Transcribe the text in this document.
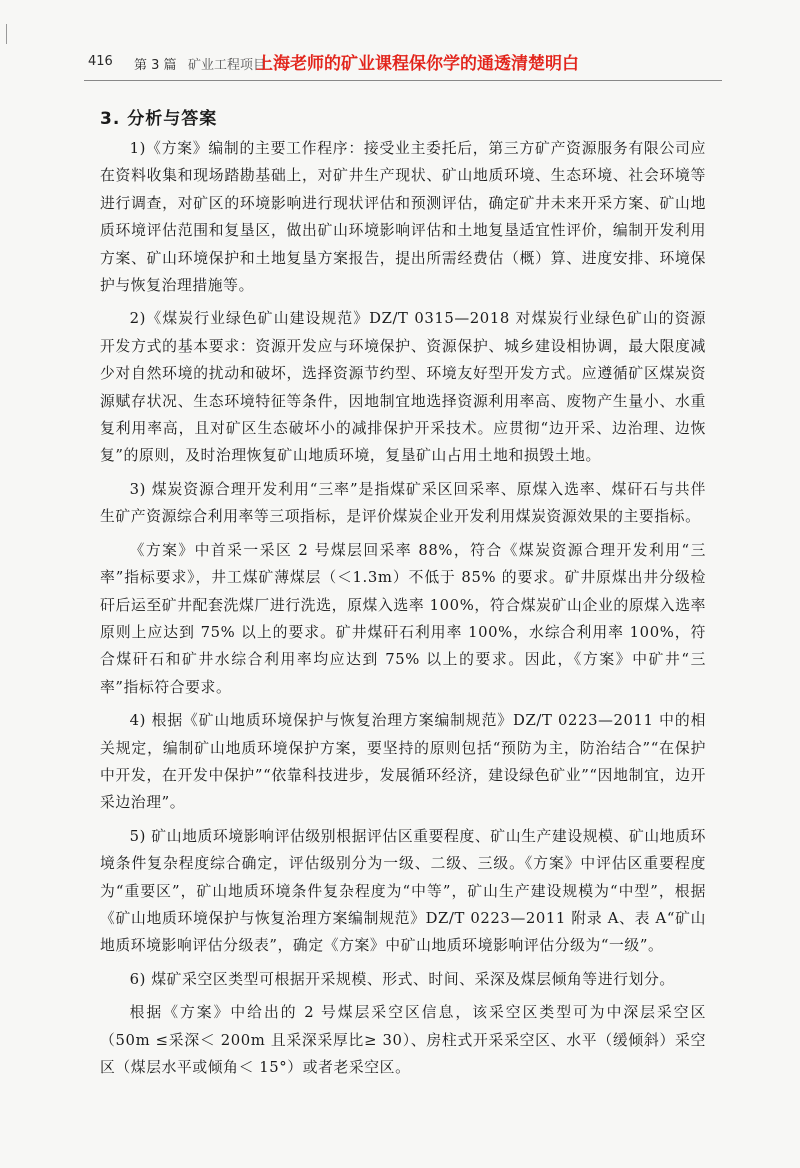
416 第 3 篇 矿业工程项目
上海老师的矿业课程保你学的通透清楚明白
3. 分析与答案

1)《方案》编制的主要工作程序：接受业主委托后，第三方矿产资源服务有限公司应在资料收集和现场踏勘基础上，对矿井生产现状、矿山地质环境、生态环境、社会环境等进行调查，对矿区的环境影响进行现状评估和预测评估，确定矿井未来开采方案、矿山地质环境评估范围和复垦区，做出矿山环境影响评估和土地复垦适宜性评价，编制开发利用方案、矿山环境保护和土地复垦方案报告，提出所需经费估（概）算、进度安排、环境保护与恢复治理措施等。

2)《煤炭行业绿色矿山建设规范》DZ/T 0315—2018 对煤炭行业绿色矿山的资源开发方式的基本要求：资源开发应与环境保护、资源保护、城乡建设相协调，最大限度减少对自然环境的扰动和破坏，选择资源节约型、环境友好型开发方式。应遵循矿区煤炭资源赋存状况、生态环境特征等条件，因地制宜地选择资源利用率高、废物产生量小、水重复利用率高，且对矿区生态破坏小的减排保护开采技术。应贯彻“边开采、边治理、边恢复”的原则，及时治理恢复矿山地质环境，复垦矿山占用土地和损毁土地。

3) 煤炭资源合理开发利用“三率”是指煤矿采区回采率、原煤入选率、煤矸石与共伴生矿产资源综合利用率等三项指标，是评价煤炭企业开发利用煤炭资源效果的主要指标。

《方案》中首采一采区 2 号煤层回采率 88%，符合《煤炭资源合理开发利用“三率”指标要求》，井工煤矿薄煤层（＜1.3m）不低于 85% 的要求。矿井原煤出井分级检矸后运至矿井配套洗煤厂进行洗选，原煤入选率 100%，符合煤炭矿山企业的原煤入选率原则上应达到 75% 以上的要求。矿井煤矸石利用率 100%，水综合利用率 100%，符合煤矸石和矿井水综合利用率均应达到 75% 以上的要求。因此，《方案》中矿井“三率”指标符合要求。

4) 根据《矿山地质环境保护与恢复治理方案编制规范》DZ/T 0223—2011 中的相关规定，编制矿山地质环境保护方案，要坚持的原则包括“预防为主，防治结合”“在保护中开发，在开发中保护”“依靠科技进步，发展循环经济，建设绿色矿业”“因地制宜，边开采边治理”。

5) 矿山地质环境影响评估级别根据评估区重要程度、矿山生产建设规模、矿山地质环境条件复杂程度综合确定，评估级别分为一级、二级、三级。《方案》中评估区重要程度为“重要区”，矿山地质环境条件复杂程度为“中等”，矿山生产建设规模为“中型”，根据《矿山地质环境保护与恢复治理方案编制规范》DZ/T 0223—2011 附录 A、表 A“矿山地质环境影响评估分级表”，确定《方案》中矿山地质环境影响评估分级为“一级”。

6) 煤矿采空区类型可根据开采规模、形式、时间、采深及煤层倾角等进行划分。

根据《方案》中给出的 2 号煤层采空区信息，该采空区类型可为中深层采空区（50m ≤采深＜ 200m 且采深采厚比≥ 30）、房柱式开采采空区、水平（缓倾斜）采空区（煤层水平或倾角＜ 15°）或者老采空区。
